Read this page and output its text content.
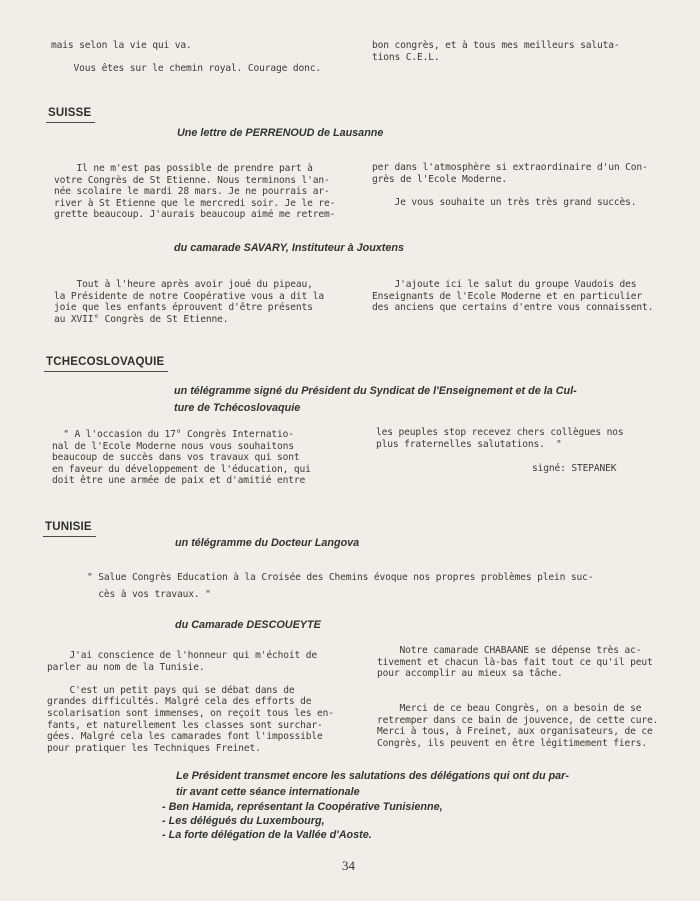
mais selon la vie qui va.

Vous êtes sur le chemin royal. Courage donc.
bon congrès, et à tous mes meilleurs saluta-
tions C.E.L.
SUISSE
Une lettre de PERRENOUD de Lausanne
Il ne m'est pas possible de prendre part à
votre Congrès de St Etienne. Nous terminons l'an-
née scolaire le mardi 28 mars. Je ne pourrais ar-
river à St Etienne que le mercredi soir. Je le re-
grette beaucoup. J'aurais beaucoup aimé me retrem-
per dans l'atmosphère si extraordinaire d'un Con-
grès de l'Ecole Moderne.

Je vous souhaite un très très grand succès.
du camarade SAVARY, Instituteur à Jouxtens
Tout à l'heure après avoir joué du pipeau,
la Présidente de notre Coopérative vous a dit la
joie que les enfants éprouvent d'être présents
au XVII° Congrès de St Etienne.
J'ajoute ici le salut du groupe Vaudois des
Enseignants de l'Ecole Moderne et en particulier
des anciens que certains d'entre vous connaissent.
TCHECOSLOVAQUIE
un télégramme signé du Président du Syndicat de l'Enseignement et de la Cul-
ture de Tchécoslovaquie
" A l'occasion du 17° Congrès Internatio-
nal de l'Ecole Moderne nous vous souhaitons
beaucoup de succès dans vos travaux qui sont
en faveur du développement de l'éducation, qui
doit être une armée de paix et d'amitié entre
les peuples stop recevez chers collègues nos
plus fraternelles salutations.  "
signé: STEPANEK
TUNISIE
un télégramme du Docteur Langova
" Salue Congrès Education à la Croisée des Chemins évoque nos propres problèmes plein suc-
cès à vos travaux. "
du Camarade DESCOUEYTE
J'ai conscience de l'honneur qui m'échoit de
parler au nom de la Tunisie.

C'est un petit pays qui se débat dans de
grandes difficultés. Malgré cela des efforts de
scolarisation sont immenses, on reçoit tous les en-
fants, et naturellement les classes sont surchar-
gées. Malgré cela les camarades font l'impossible
pour pratiquer les Techniques Freinet.
Notre camarade CHABAANE se dépense très ac-
tivement et chacun là-bas fait tout ce qu'il peut
pour accomplir au mieux sa tâche.

Merci de ce beau Congrès, on a besoin de se
retremper dans ce bain de jouvence, de cette cure.
Merci à tous, à Freinet, aux organisateurs, de ce
Congrès, ils peuvent en être légitimement fiers.
Le Président transmet encore les salutations des délégations qui ont du par-
tir avant cette séance internationale
- Ben Hamida, représentant la Coopérative Tunisienne,
- Les délégués du Luxembourg,
- La forte délégation de la Vallée d'Aoste.
34
